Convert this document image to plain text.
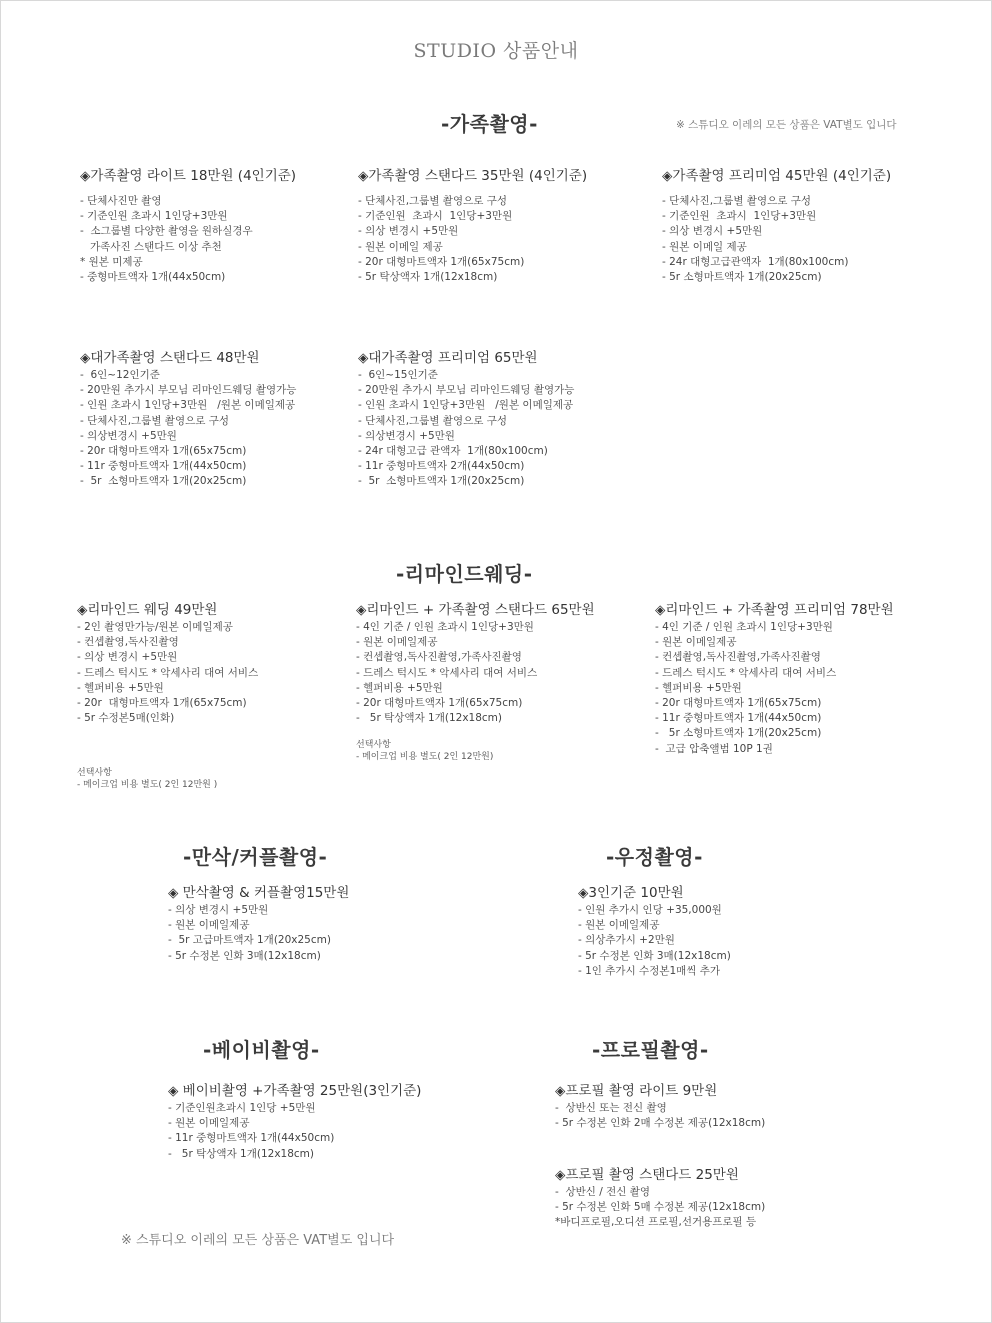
STUDIO 상품안내
-가족촬영-	※ 스튜디오 이레의 모든 상품은 VAT별도 입니다
◈가족촬영 라이트 18만원 (4인기준)
- 단체사진만 촬영
- 기준인원 초과시 1인당+3만원
-  소그룹별 다양한 촬영을 원하실경우
가족사진 스탠다드 이상 추천
* 원본 미제공
- 중형마트액자 1개(44x50cm)
◈가족촬영 스탠다드 35만원 (4인기준)
- 단체사진,그룹별 촬영으로 구성
- 기준인원  초과시  1인당+3만원
- 의상 변경시 +5만원
- 원본 이메일 제공
- 20r 대형마트액자 1개(65x75cm)
- 5r 탁상액자 1개(12x18cm)
◈가족촬영 프리미엄 45만원 (4인기준)
- 단체사진,그룹별 촬영으로 구성
- 기준인원  초과시  1인당+3만원
- 의상 변경시 +5만원
- 원본 이메일 제공
- 24r 대형고급관액자  1개(80x100cm)
- 5r 소형마트액자 1개(20x25cm)
◈대가족촬영 스탠다드 48만원
-  6인~12인기준
- 20만원 추가시 부모님 리마인드웨딩 촬영가능
- 인원 초과시 1인당+3만원   /원본 이메일제공
- 단체사진,그룹별 촬영으로 구성
- 의상변경시 +5만원
- 20r 대형마트액자 1개(65x75cm)
- 11r 중형마트액자 1개(44x50cm)
-  5r  소형마트액자 1개(20x25cm)
◈대가족촬영 프리미엄 65만원
-  6인~15인기준
- 20만원 추가시 부모님 리마인드웨딩 촬영가능
- 인원 초과시 1인당+3만원   /원본 이메일제공
- 단체사진,그룹별 촬영으로 구성
- 의상변경시 +5만원
- 24r 대형고급 관액자  1개(80x100cm)
- 11r 중형마트액자 2개(44x50cm)
-  5r  소형마트액자 1개(20x25cm)
-리마인드웨딩-
◈리마인드 웨딩 49만원
- 2인 촬영만가능/원본 이메일제공
- 컨셉촬영,독사진촬영
- 의상 변경시 +5만원
- 드레스 턱시도 * 악세사리 대여 서비스
- 헬퍼비용 +5만원
- 20r  대형마트액자 1개(65x75cm)
- 5r 수정본5매(인화)
◈리마인드 + 가족촬영 스탠다드 65만원
- 4인 기준 / 인원 초과시 1인당+3만원
- 원본 이메일제공
- 컨셉촬영,독사진촬영,가족사진촬영
- 드레스 턱시도 * 악세사리 대여 서비스
- 헬퍼비용 +5만원
- 20r 대형마트액자 1개(65x75cm)
-   5r 탁상액자 1개(12x18cm)
◈리마인드 + 가족촬영 프리미엄 78만원
- 4인 기준 / 인원 초과시 1인당+3만원
- 원본 이메일제공
- 컨셉촬영,독사진촬영,가족사진촬영
- 드레스 턱시도 * 악세사리 대여 서비스
- 헬퍼비용 +5만원
- 20r 대형마트액자 1개(65x75cm)
- 11r 중형마트액자 1개(44x50cm)
-   5r 소형마트액자 1개(20x25cm)
-  고급 압축앨범 10P 1권
선택사항
- 메이크업 비용 별도( 2인 12만원 )
선택사항
- 메이크업 비용 별도( 2인 12만원)
-만삭/커플촬영-
◈ 만삭촬영 & 커플촬영15만원
- 의상 변경시 +5만원
- 원본 이메일제공
-  5r 고급마트액자 1개(20x25cm)
- 5r 수정본 인화 3매(12x18cm)
-우정촬영-
◈3인기준 10만원
- 인원 추가시 인당 +35,000원
- 원본 이메일제공
- 의상추가시 +2만원
- 5r 수정본 인화 3매(12x18cm)
- 1인 추가시 수정본1매씩 추가
-베이비촬영-
◈ 베이비촬영 +가족촬영 25만원(3인기준)
- 기준인원초과시 1인당 +5만원
- 원본 이메일제공
- 11r 중형마트액자 1개(44x50cm)
-   5r 탁상액자 1개(12x18cm)
-프로필촬영-
◈프로필 촬영 라이트 9만원
-  상반신 또는 전신 촬영
- 5r 수정본 인화 2매 수정본 제공(12x18cm)
◈프로필 촬영 스탠다드 25만원
-  상반신 / 전신 촬영
- 5r 수정본 인화 5매 수정본 제공(12x18cm)
*바디프로필,오디션 프로필,선거용프로필 등
※ 스튜디오 이레의 모든 상품은 VAT별도 입니다
